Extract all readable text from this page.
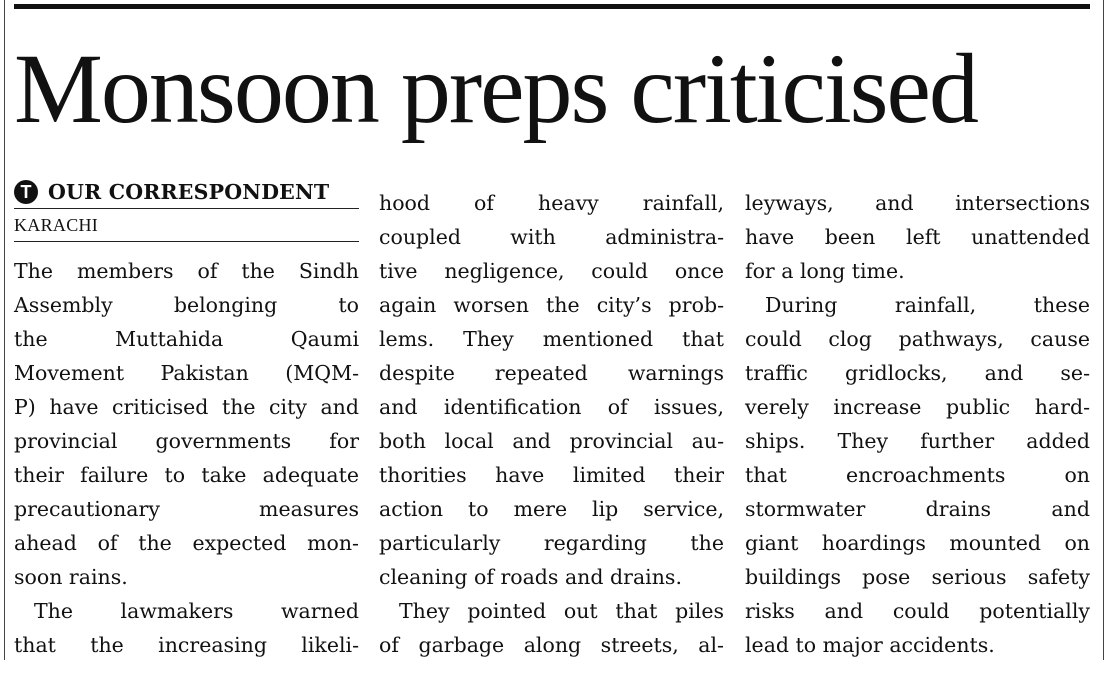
Monsoon preps criticised
T OUR CORRESPONDENT
KARACHI
The members of the Sindh
Assembly belonging to
the Muttahida Qaumi
Movement Pakistan (MQM-
P) have criticised the city and
provincial governments for
their failure to take adequate
precautionary measures
ahead of the expected mon-
soon rains.
The lawmakers warned
that the increasing likeli-
hood of heavy rainfall,
coupled with administra-
tive negligence, could once
again worsen the city’s prob-
lems. They mentioned that
despite repeated warnings
and identification of issues,
both local and provincial au-
thorities have limited their
action to mere lip service,
particularly regarding the
cleaning of roads and drains.
They pointed out that piles
of garbage along streets, al-
leyways, and intersections
have been left unattended
for a long time.
During rainfall, these
could clog pathways, cause
traffic gridlocks, and se-
verely increase public hard-
ships. They further added
that encroachments on
stormwater drains and
giant hoardings mounted on
buildings pose serious safety
risks and could potentially
lead to major accidents.
